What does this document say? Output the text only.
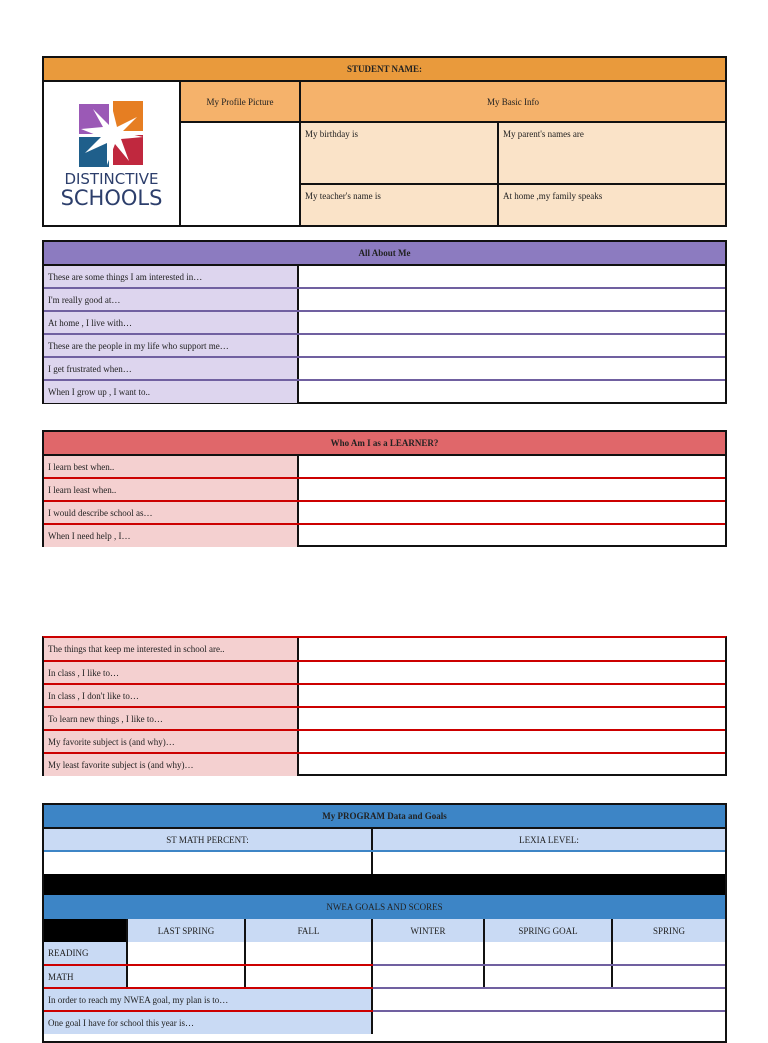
STUDENT NAME:			

DISTINCTIVE
SCHOOLS	My Profile Picture	My Basic Info	
		My birthday is	My parent's names are
		My teacher's name is	At home ,my family speaks
All About Me	
These are some things I am interested in…	
I'm really good at…	
At home , I live with…	
These are the people in my life who support me…	
I get frustrated when…	
When I grow up , I want to..	
Who Am I as a LEARNER?	
I learn best when..	
I learn least when..	
I would describe school as…	
When I need help , I…	
The things that keep me interested in school are..	
In class , I like to…	
In class , I don't like to…	
To learn new things , I like to…	
My favorite subject is (and why)…	
My least favorite subject is (and why)…	
My PROGRAM Data and Goals					
ST MATH PERCENT:			LEXIA LEVEL:		

NWEA GOALS AND SCORES					
	LAST SPRING	FALL	WINTER	SPRING GOAL	SPRING
READING					
MATH					
In order to reach my NWEA goal, my plan is to…					
One goal I have for school this year is…					
